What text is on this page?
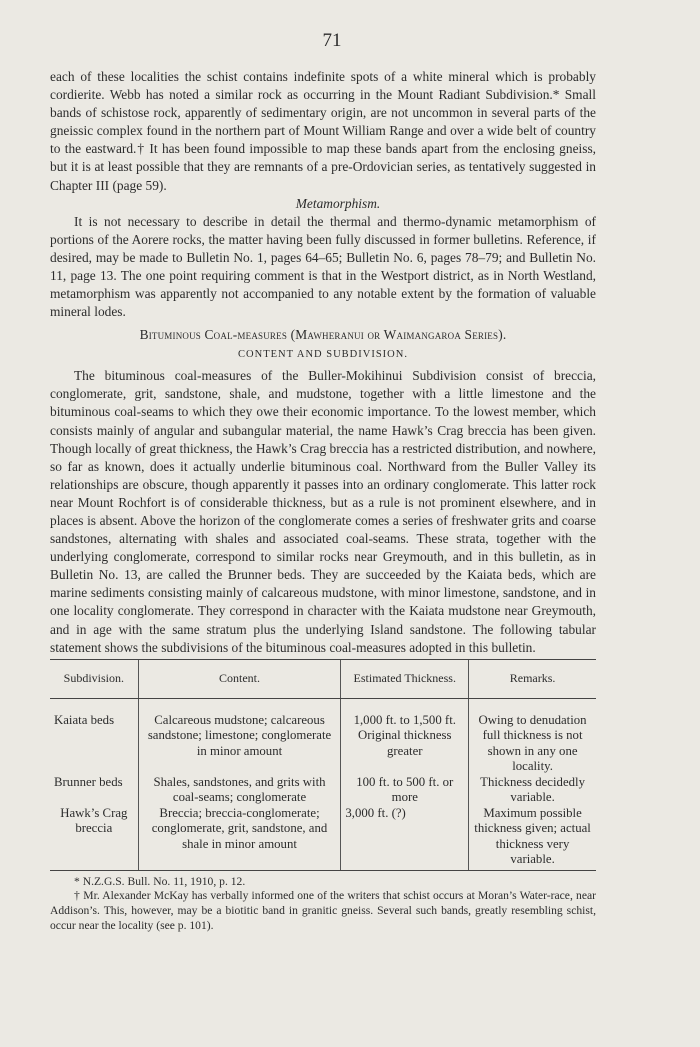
71

each of these localities the schist contains indefinite spots of a white mineral which is probably cordierite. Webb has noted a similar rock as occurring in the Mount Radiant Subdivision.* Small bands of schistose rock, apparently of sedimentary origin, are not uncommon in several parts of the gneissic complex found in the northern part of Mount William Range and over a wide belt of country to the eastward.† It has been found impossible to map these bands apart from the enclosing gneiss, but it is at least possible that they are remnants of a pre-Ordovician series, as tentatively suggested in Chapter III (page 59).

Metamorphism.

It is not necessary to describe in detail the thermal and thermo-dynamic metamorphism of portions of the Aorere rocks, the matter having been fully discussed in former bulletins. Reference, if desired, may be made to Bulletin No. 1, pages 64–65; Bulletin No. 6, pages 78–79; and Bulletin No. 11, page 13. The one point requiring comment is that in the Westport district, as in North Westland, metamorphism was apparently not accompanied to any notable extent by the formation of valuable mineral lodes.

Bituminous Coal-measures (Mawheranui or Waimangaroa Series).
CONTENT AND SUBDIVISION.

The bituminous coal-measures of the Buller-Mokihinui Subdivision consist of breccia, conglomerate, grit, sandstone, shale, and mudstone, together with a little limestone and the bituminous coal-seams to which they owe their economic importance. To the lowest member, which consists mainly of angular and subangular material, the name Hawk’s Crag breccia has been given. Though locally of great thickness, the Hawk’s Crag breccia has a restricted distribution, and nowhere, so far as known, does it actually underlie bituminous coal. Northward from the Buller Valley its relationships are obscure, though apparently it passes into an ordinary conglomerate. This latter rock near Mount Rochfort is of considerable thickness, but as a rule is not prominent elsewhere, and in places is absent. Above the horizon of the conglomerate comes a series of freshwater grits and coarse sandstones, alternating with shales and associated coal-seams. These strata, together with the underlying conglomerate, correspond to similar rocks near Greymouth, and in this bulletin, as in Bulletin No. 13, are called the Brunner beds. They are succeeded by the Kaiata beds, which are marine sediments consisting mainly of calcareous mudstone, with minor limestone, sandstone, and in one locality conglomerate. They correspond in character with the Kaiata mudstone near Greymouth, and in age with the same stratum plus the underlying Island sandstone. The following tabular statement shows the subdivisions of the bituminous coal-measures adopted in this bulletin.

Subdivision.	Content.	Estimated Thickness.	Remarks.
Kaiata beds	Calcareous mudstone; calcareous sandstone; limestone; conglomerate in minor amount	1,000 ft. to 1,500 ft. Original thickness greater	Owing to denudation full thickness is not shown in any one locality.
Brunner beds	Shales, sandstones, and grits with coal-seams; conglomerate	100 ft. to 500 ft. or more	Thickness decidedly variable.
Hawk’s Crag breccia	Breccia; breccia-conglomerate; conglomerate, grit, sandstone, and shale in minor amount	3,000 ft. (?)	Maximum possible thickness given; actual thickness very variable.

* N.Z.G.S. Bull. No. 11, 1910, p. 12.

† Mr. Alexander McKay has verbally informed one of the writers that schist occurs at Moran’s Water-race, near Addison’s. This, however, may be a biotitic band in granitic gneiss. Several such bands, greatly resembling schist, occur near the locality (see p. 101).
